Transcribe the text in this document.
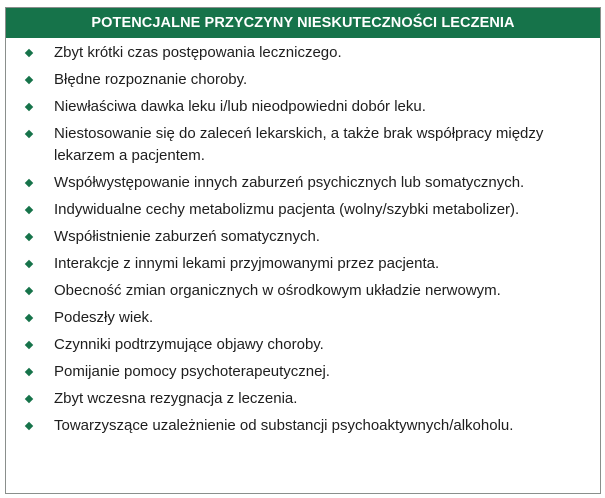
POTENCJALNE PRZYCZYNY NIESKUTECZNOŚCI LECZENIA
Zbyt krótki czas postępowania leczniczego.
Błędne rozpoznanie choroby.
Niewłaściwa dawka leku i/lub nieodpowiedni dobór leku.
Niestosowanie się do zaleceń lekarskich, a także brak współpracy między lekarzem a pacjentem.
Współwystępowanie innych zaburzeń psychicznych lub somatycznych.
Indywidualne cechy metabolizmu pacjenta (wolny/szybki metabolizer).
Współistnienie zaburzeń somatycznych.
Interakcje z innymi lekami przyjmowanymi przez pacjenta.
Obecność zmian organicznych w ośrodkowym układzie nerwowym.
Podeszły wiek.
Czynniki podtrzymujące objawy choroby.
Pomijanie pomocy psychoterapeutycznej.
Zbyt wczesna rezygnacja z leczenia.
Towarzyszące uzależnienie od substancji psychoaktywnych/alkoholu.
